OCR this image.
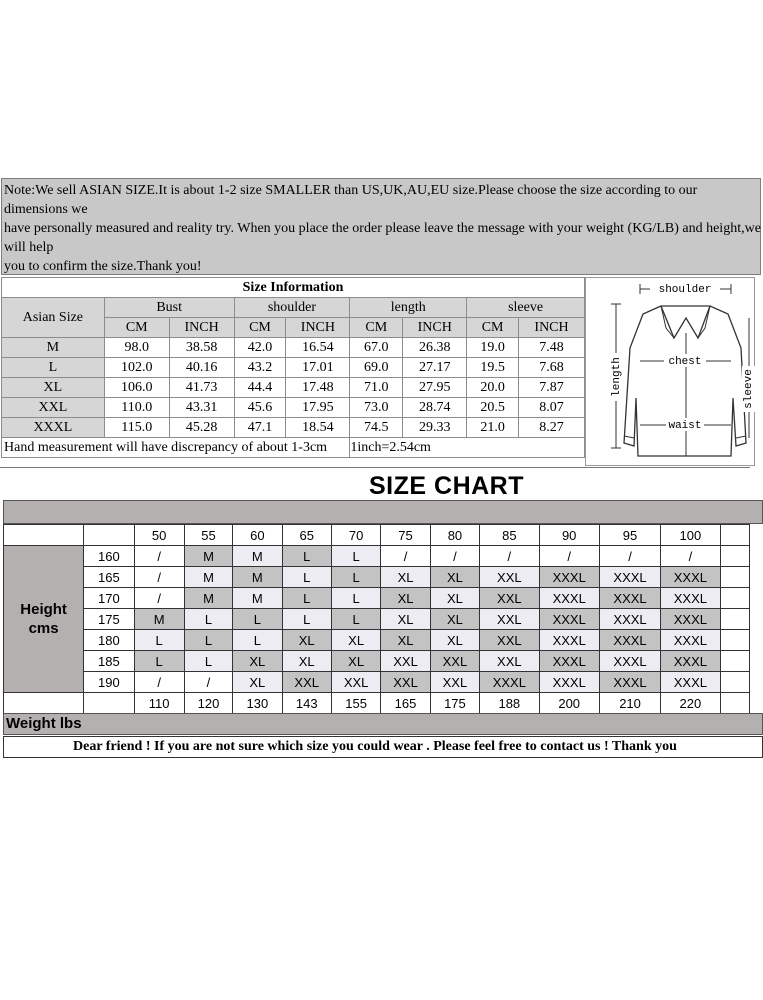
Note:We sell ASIAN SIZE.It is about 1-2 size SMALLER than US,UK,AU,EU size.Please choose the size according to our
dimensions we
have personally measured and reality try. When you place the order please leave the message with your weight (KG/LB) and height,we
will help
you to confirm the size.Thank you!
Size Information								
Asian Size	Bust		shoulder		length		sleeve	
	CM	INCH	CM	INCH	CM	INCH	CM	INCH
M	98.0	38.58	42.0	16.54	67.0	26.38	19.0	7.48
L	102.0	40.16	43.2	17.01	69.0	27.17	19.5	7.68
XL	106.0	41.73	44.4	17.48	71.0	27.95	20.0	7.87
XXL	110.0	43.31	45.6	17.95	73.0	28.74	20.5	8.07
XXXL	115.0	45.28	47.1	18.54	74.5	29.33	21.0	8.27
Hand measurement will have discrepancy of about 1-3cm					1inch=2.54cm			
shoulder
length	chest
waist
sleeve
SIZE CHART
		50	55	60	65	70	75	80	85	90	95	100	

Height
cms	160	/	M	M	L	L	/	/	/	/	/	/	
	165	/	M	M	L	L	XL	XL	XXL	XXXL	XXXL	XXXL	
	170	/	M	M	L	L	XL	XL	XXL	XXXL	XXXL	XXXL	
	175	M	L	L	L	L	XL	XL	XXL	XXXL	XXXL	XXXL	
	180	L	L	L	XL	XL	XL	XL	XXL	XXXL	XXXL	XXXL	
	185	L	L	XL	XL	XL	XXL	XXL	XXL	XXXL	XXXL	XXXL	
	190	/	/	XL	XXL	XXL	XXL	XXL	XXXL	XXXL	XXXL	XXXL	
		110	120	130	143	155	165	175	188	200	210	220	
Weight lbs
Dear friend ! If you are not sure which size you could wear . Please feel free to contact us ! Thank you
